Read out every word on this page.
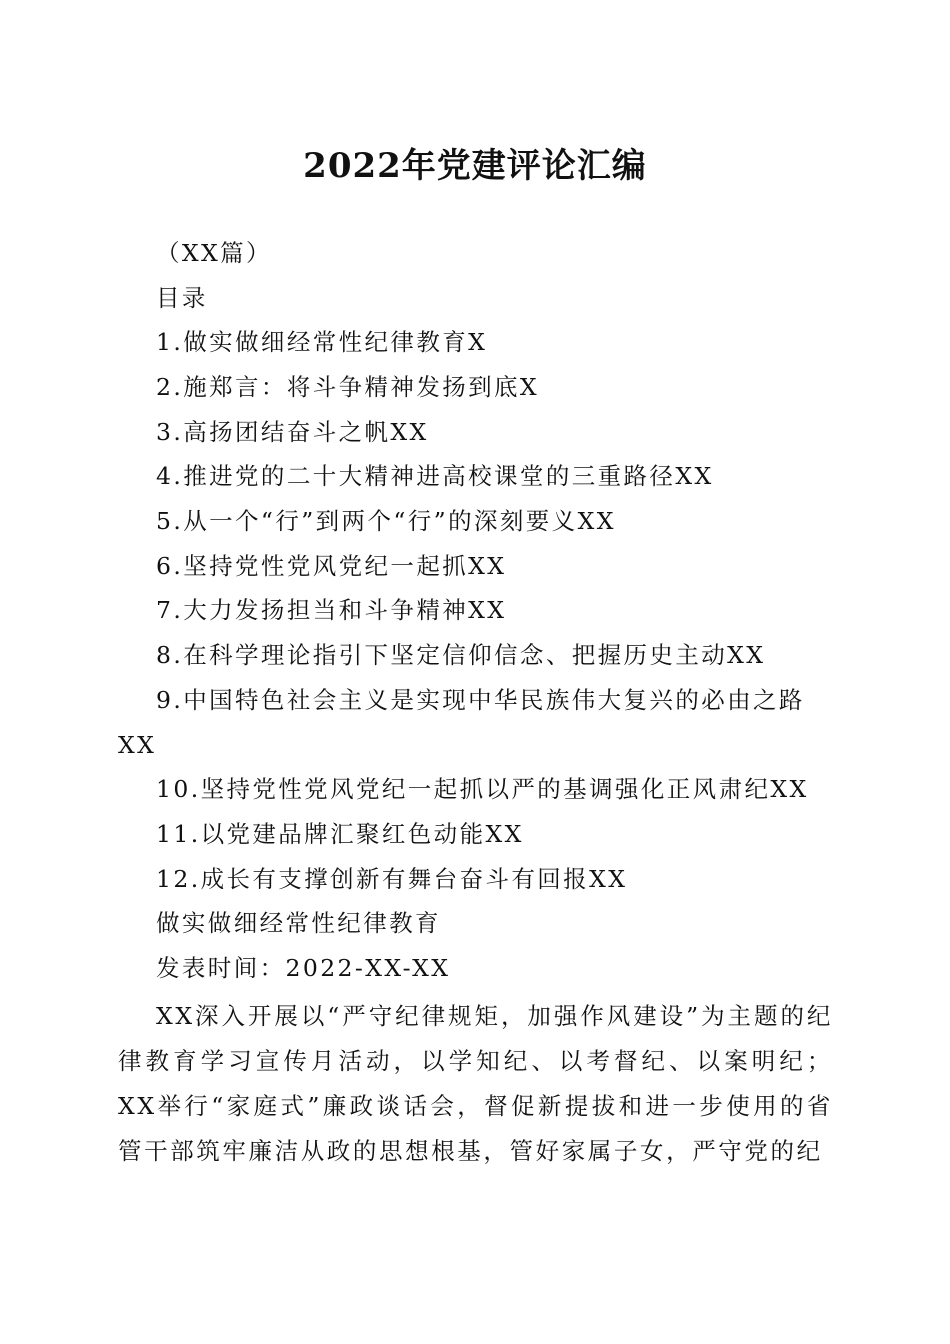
2022年党建评论汇编
（XX篇）
目录
1.做实做细经常性纪律教育X
2.施郑言：将斗争精神发扬到底X
3.高扬团结奋斗之帆XX
4.推进党的二十大精神进高校课堂的三重路径XX
5.从一个“行”到两个“行”的深刻要义XX
6.坚持党性党风党纪一起抓XX
7.大力发扬担当和斗争精神XX
8.在科学理论指引下坚定信仰信念、把握历史主动XX
9.中国特色社会主义是实现中华民族伟大复兴的必由之路
XX
10.坚持党性党风党纪一起抓以严的基调强化正风肃纪XX
11.以党建品牌汇聚红色动能XX
12.成长有支撑创新有舞台奋斗有回报XX
做实做细经常性纪律教育
发表时间：2022-XX-XX
XX深入开展以“严守纪律规矩，加强作风建设”为主题的纪律教育学习宣传月活动，以学知纪、以考督纪、以案明纪；XX举行“家庭式”廉政谈话会，督促新提拔和进一步使用的省管干部筑牢廉洁从政的思想根基，管好家属子女，严守党的纪
